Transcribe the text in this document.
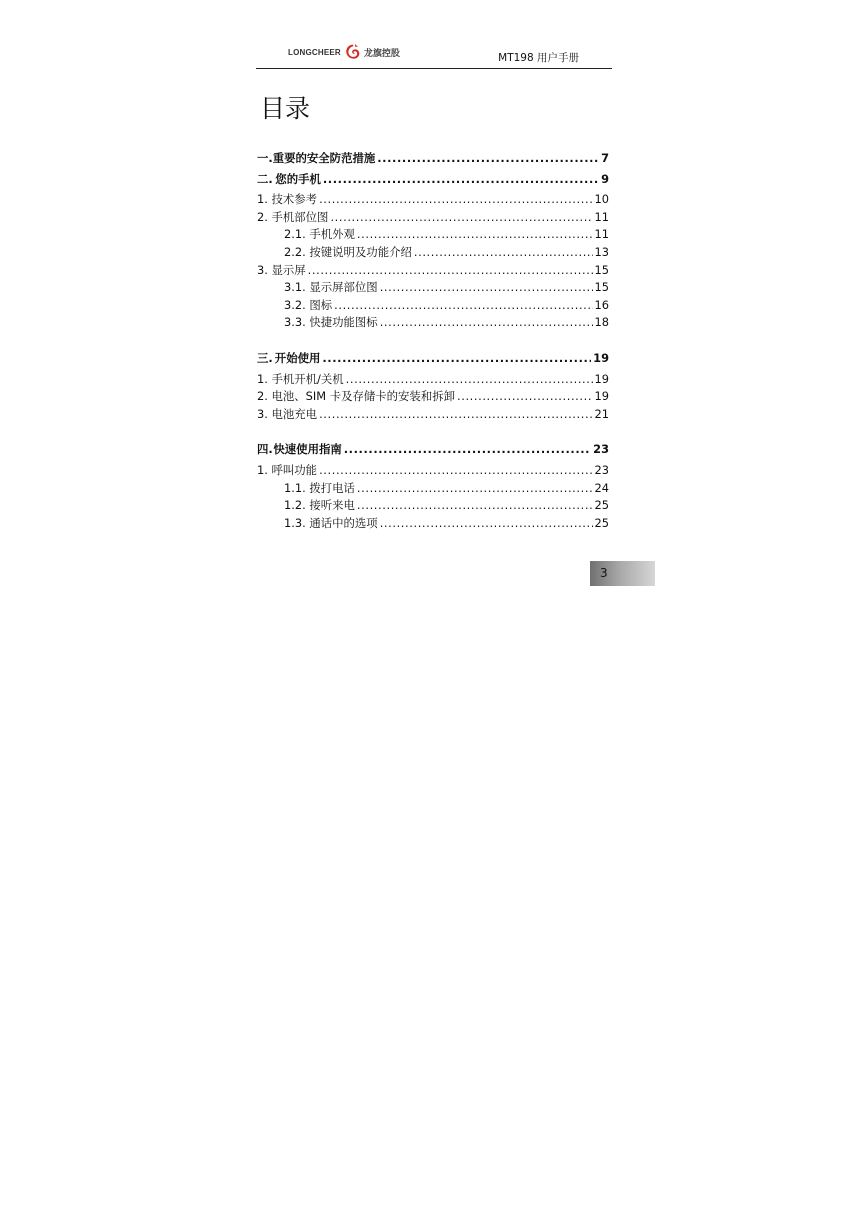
LONGCHEER	龙旗控股	MT198 用户手册
目录
一. 重要的安全防范措施 .....	7
二. 您的手机 .....	9
1. 技术参考 .....	10
2. 手机部位图 .....	11
2.1. 手机外观 .....	11
2.2. 按键说明及功能介绍 .....	13
3. 显示屏 .....	15
3.1. 显示屏部位图 .....	15
3.2. 图标 .....	16
3.3. 快捷功能图标 .....	18
三. 开始使用 .....	19
1. 手机开机/关机 .....	19
2. 电池、SIM 卡及存储卡的安装和拆卸 .....	19
3. 电池充电 .....	21
四. 快速使用指南 .....	23
1. 呼叫功能 .....	23
1.1. 拨打电话 .....	24
1.2. 接听来电 .....	25
1.3. 通话中的选项 .....	25
3
